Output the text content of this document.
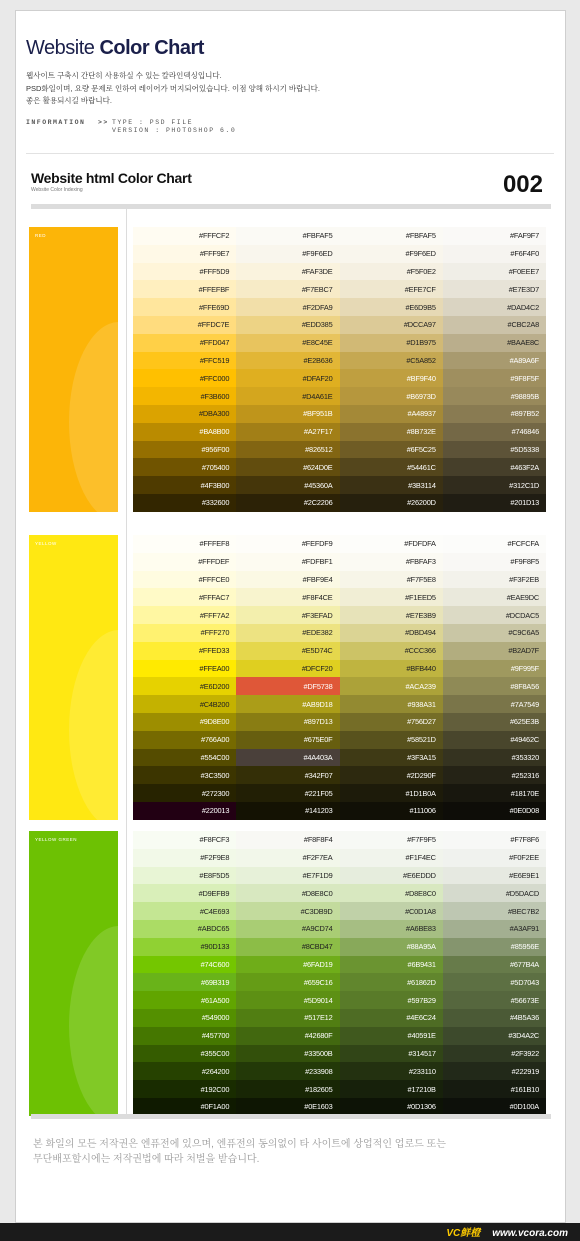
Website Color Chart
웹사이트 구축시 간단히 사용하실 수 있는 칼라인덱싱입니다.
PSD화일이며, 요량 문제로 인하여 레이어가 머지되어있습니다. 이점 양해 하시기 바랍니다.
좋은 활용되시길 바랍니다.
INFORMATION >> TYPE : PSD FILE
VERSION : PHOTOSHOP 6.0
Website html Color Chart
Website Color Indexing	002
RED	#FFFCF2	#FBFAF5	#FBFAF5	#FAF9F7
#FFF9E7	#F9F6ED	#F9F6ED	#F6F4F0
#FFF5D9	#FAF3DE	#F5F0E2	#F0EEE7
#FFEFBF	#F7EBC7	#EFE7CF	#E7E3D7
#FFE69D	#F2DFA9	#E6D9B5	#DAD4C2
#FFDC7E	#EDD385	#DCCA97	#CBC2A8
#FFD047	#E8C45E	#D1B975	#BAAE8C
#FFC519	#E2B636	#C5A852	#A89A6F
#FFC000	#DFAF20	#BF9F40	#9F8F5F
#F3B600	#D4A61E	#B6973D	#98895B
#DBA300	#BF951B	#A48937	#897B52
#BA8B00	#A27F17	#8B732E	#746846
#956F00	#826512	#6F5C25	#5D5338
#705400	#624D0E	#54461C	#463F2A
#4F3B00	#45360A	#3B3114	#312C1D
#332600	#2C2206	#26200D	#201D13
YELLOW	#FFFEF8	#FEFDF9	#FDFDFA	#FCFCFA
#FFFDEF	#FDFBF1	#FBFAF3	#F9F8F5
#FFFCE0	#FBF9E4	#F7F5E8	#F3F2EB
#FFFAC7	#F8F4CE	#F1EED5	#EAE9DC
#FFF7A2	#F3EFAD	#E7E3B9	#DCDAC5
#FFF270	#EDE382	#DBD494	#C9C6A5
#FFED33	#E5D74C	#CCC366	#B2AD7F
#FFEA00	#DFCF20	#BFB440	#9F995F
#E6D200	#DF5738	#ACA239	#8F8A56
#C4B200	#AB9D18	#938A31	#7A7549
#9D8E00	#897D13	#756D27	#625E3B
#766A00	#675E0F	#58521D	#49462C
#554C00	#4A403A	#3F3A15	#353320
#3C3500	#342F07	#2D290F	#252316
#272300	#221F05	#1D1B0A	#18170E
#220013	#141203	#111006	#0E0D08
YELLOW GREEN	#F8FCF3	#F8F8F4	#F7F9F5	#F7F8F6
#F2F9E8	#F2F7EA	#F1F4EC	#F0F2EE
#E8F5D5	#E7F1D9	#E6EDDD	#E6E9E1
#D9EFB9	#D8E8C0	#D8E8C0	#D5DACD
#C4E693	#C3DB9D	#C0D1A8	#BEC7B2
#ABDC65	#A9CD74	#A6BE83	#A3AF91
#90D133	#8CBD47	#88A95A	#85956E
#74C600	#6FAD19	#6B9431	#677B4A
#69B319	#659C16	#61862D	#5D7043
#61A500	#5D9014	#597B29	#56673E
#549000	#517E12	#4E6C24	#4B5A36
#457700	#42680F	#40591E	#3D4A2C
#355C00	#33500B	#314517	#2F3922
#264200	#233908	#233110	#222919
#192C00	#182605	#17210B	#161B10
#0F1A00	#0E1603	#0D1306	#0D100A
본 화일의 모든 저작권은 엔퓨전에 있으며, 엔퓨전의 동의없이 타 사이트에 상업적인 업로드 또는
무단배포할시에는 저작권법에 따라 처벌을 받습니다.
VC鲜橙 www.vcora.com
